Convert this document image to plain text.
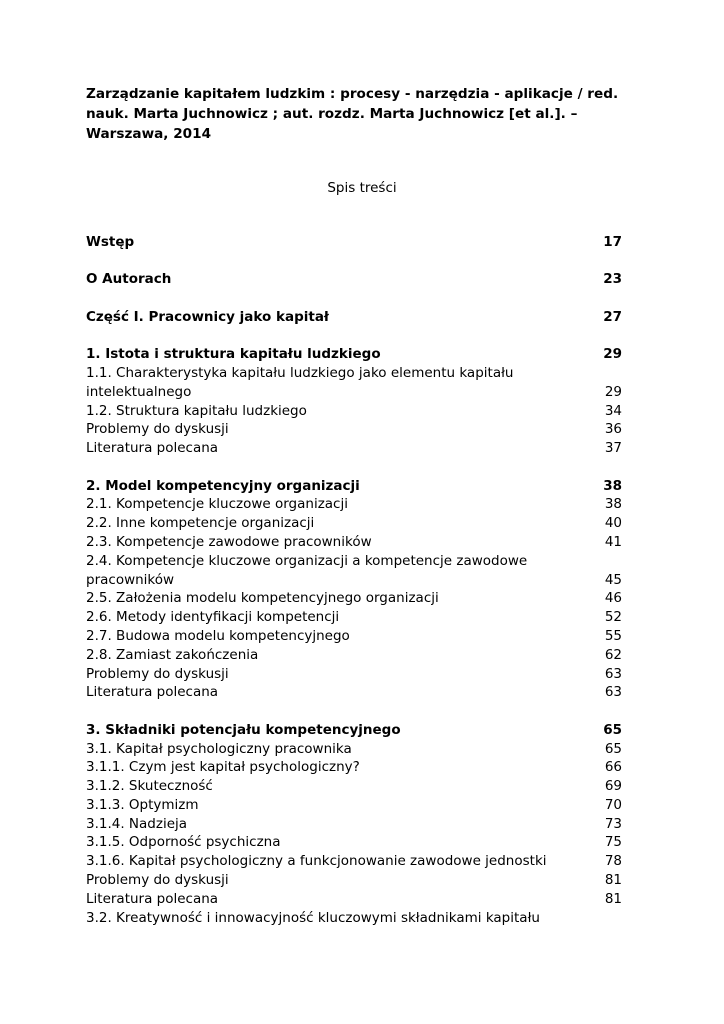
Zarządzanie kapitałem ludzkim : procesy - narzędzia - aplikacje / red.
nauk. Marta Juchnowicz ; aut. rozdz. Marta Juchnowicz [et al.]. –
Warszawa, 2014
Spis treści
Wstęp	17
O Autorach	23
Część I. Pracownicy jako kapitał	27
1. Istota i struktura kapitału ludzkiego	29
1.1. Charakterystyka kapitału ludzkiego jako elementu kapitału
intelektualnego	29
1.2. Struktura kapitału ludzkiego	34
Problemy do dyskusji	36
Literatura polecana	37
2. Model kompetencyjny organizacji	38
2.1. Kompetencje kluczowe organizacji	38
2.2. Inne kompetencje organizacji	40
2.3. Kompetencje zawodowe pracowników	41
2.4. Kompetencje kluczowe organizacji a kompetencje zawodowe
pracowników	45
2.5. Założenia modelu kompetencyjnego organizacji	46
2.6. Metody identyfikacji kompetencji	52
2.7. Budowa modelu kompetencyjnego	55
2.8. Zamiast zakończenia	62
Problemy do dyskusji	63
Literatura polecana	63
3. Składniki potencjału kompetencyjnego	65
3.1. Kapitał psychologiczny pracownika	65
3.1.1. Czym jest kapitał psychologiczny?	66
3.1.2. Skuteczność	69
3.1.3. Optymizm	70
3.1.4. Nadzieja	73
3.1.5. Odporność psychiczna	75
3.1.6. Kapitał psychologiczny a funkcjonowanie zawodowe jednostki	78
Problemy do dyskusji	81
Literatura polecana	81
3.2. Kreatywność i innowacyjność kluczowymi składnikami kapitału
